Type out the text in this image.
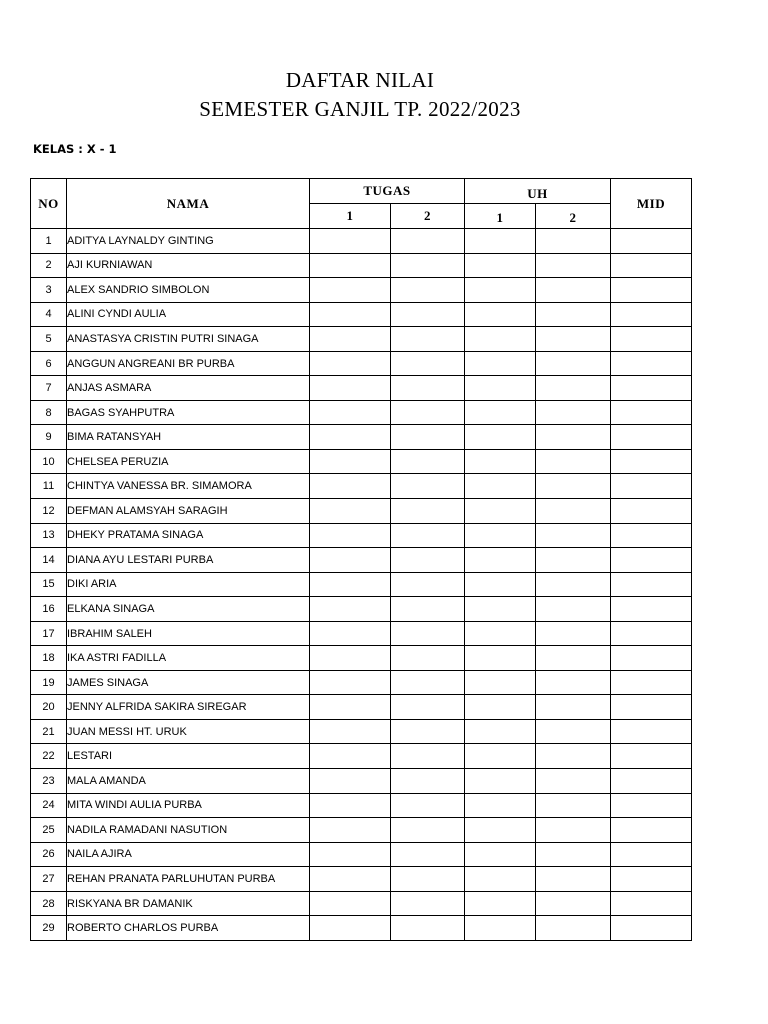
DAFTAR NILAI
SEMESTER GANJIL TP. 2022/2023
KELAS : X - 1
NO	NAMA	TUGAS		UH		MID
		1	2	1	2	
1	ADITYA LAYNALDY GINTING					
2	AJI KURNIAWAN					
3	ALEX SANDRIO SIMBOLON					
4	ALINI CYNDI AULIA					
5	ANASTASYA CRISTIN PUTRI SINAGA					
6	ANGGUN ANGREANI BR PURBA					
7	ANJAS ASMARA					
8	BAGAS SYAHPUTRA					
9	BIMA RATANSYAH					
10	CHELSEA PERUZIA					
11	CHINTYA VANESSA BR. SIMAMORA					
12	DEFMAN ALAMSYAH SARAGIH					
13	DHEKY PRATAMA SINAGA					
14	DIANA AYU LESTARI PURBA					
15	DIKI ARIA					
16	ELKANA SINAGA					
17	IBRAHIM SALEH					
18	IKA ASTRI FADILLA					
19	JAMES SINAGA					
20	JENNY ALFRIDA SAKIRA SIREGAR					
21	JUAN MESSI HT. URUK					
22	LESTARI					
23	MALA AMANDA					
24	MITA WINDI AULIA PURBA					
25	NADILA RAMADANI NASUTION					
26	NAILA AJIRA					
27	REHAN PRANATA PARLUHUTAN PURBA					
28	RISKYANA BR DAMANIK					
29	ROBERTO CHARLOS PURBA					
